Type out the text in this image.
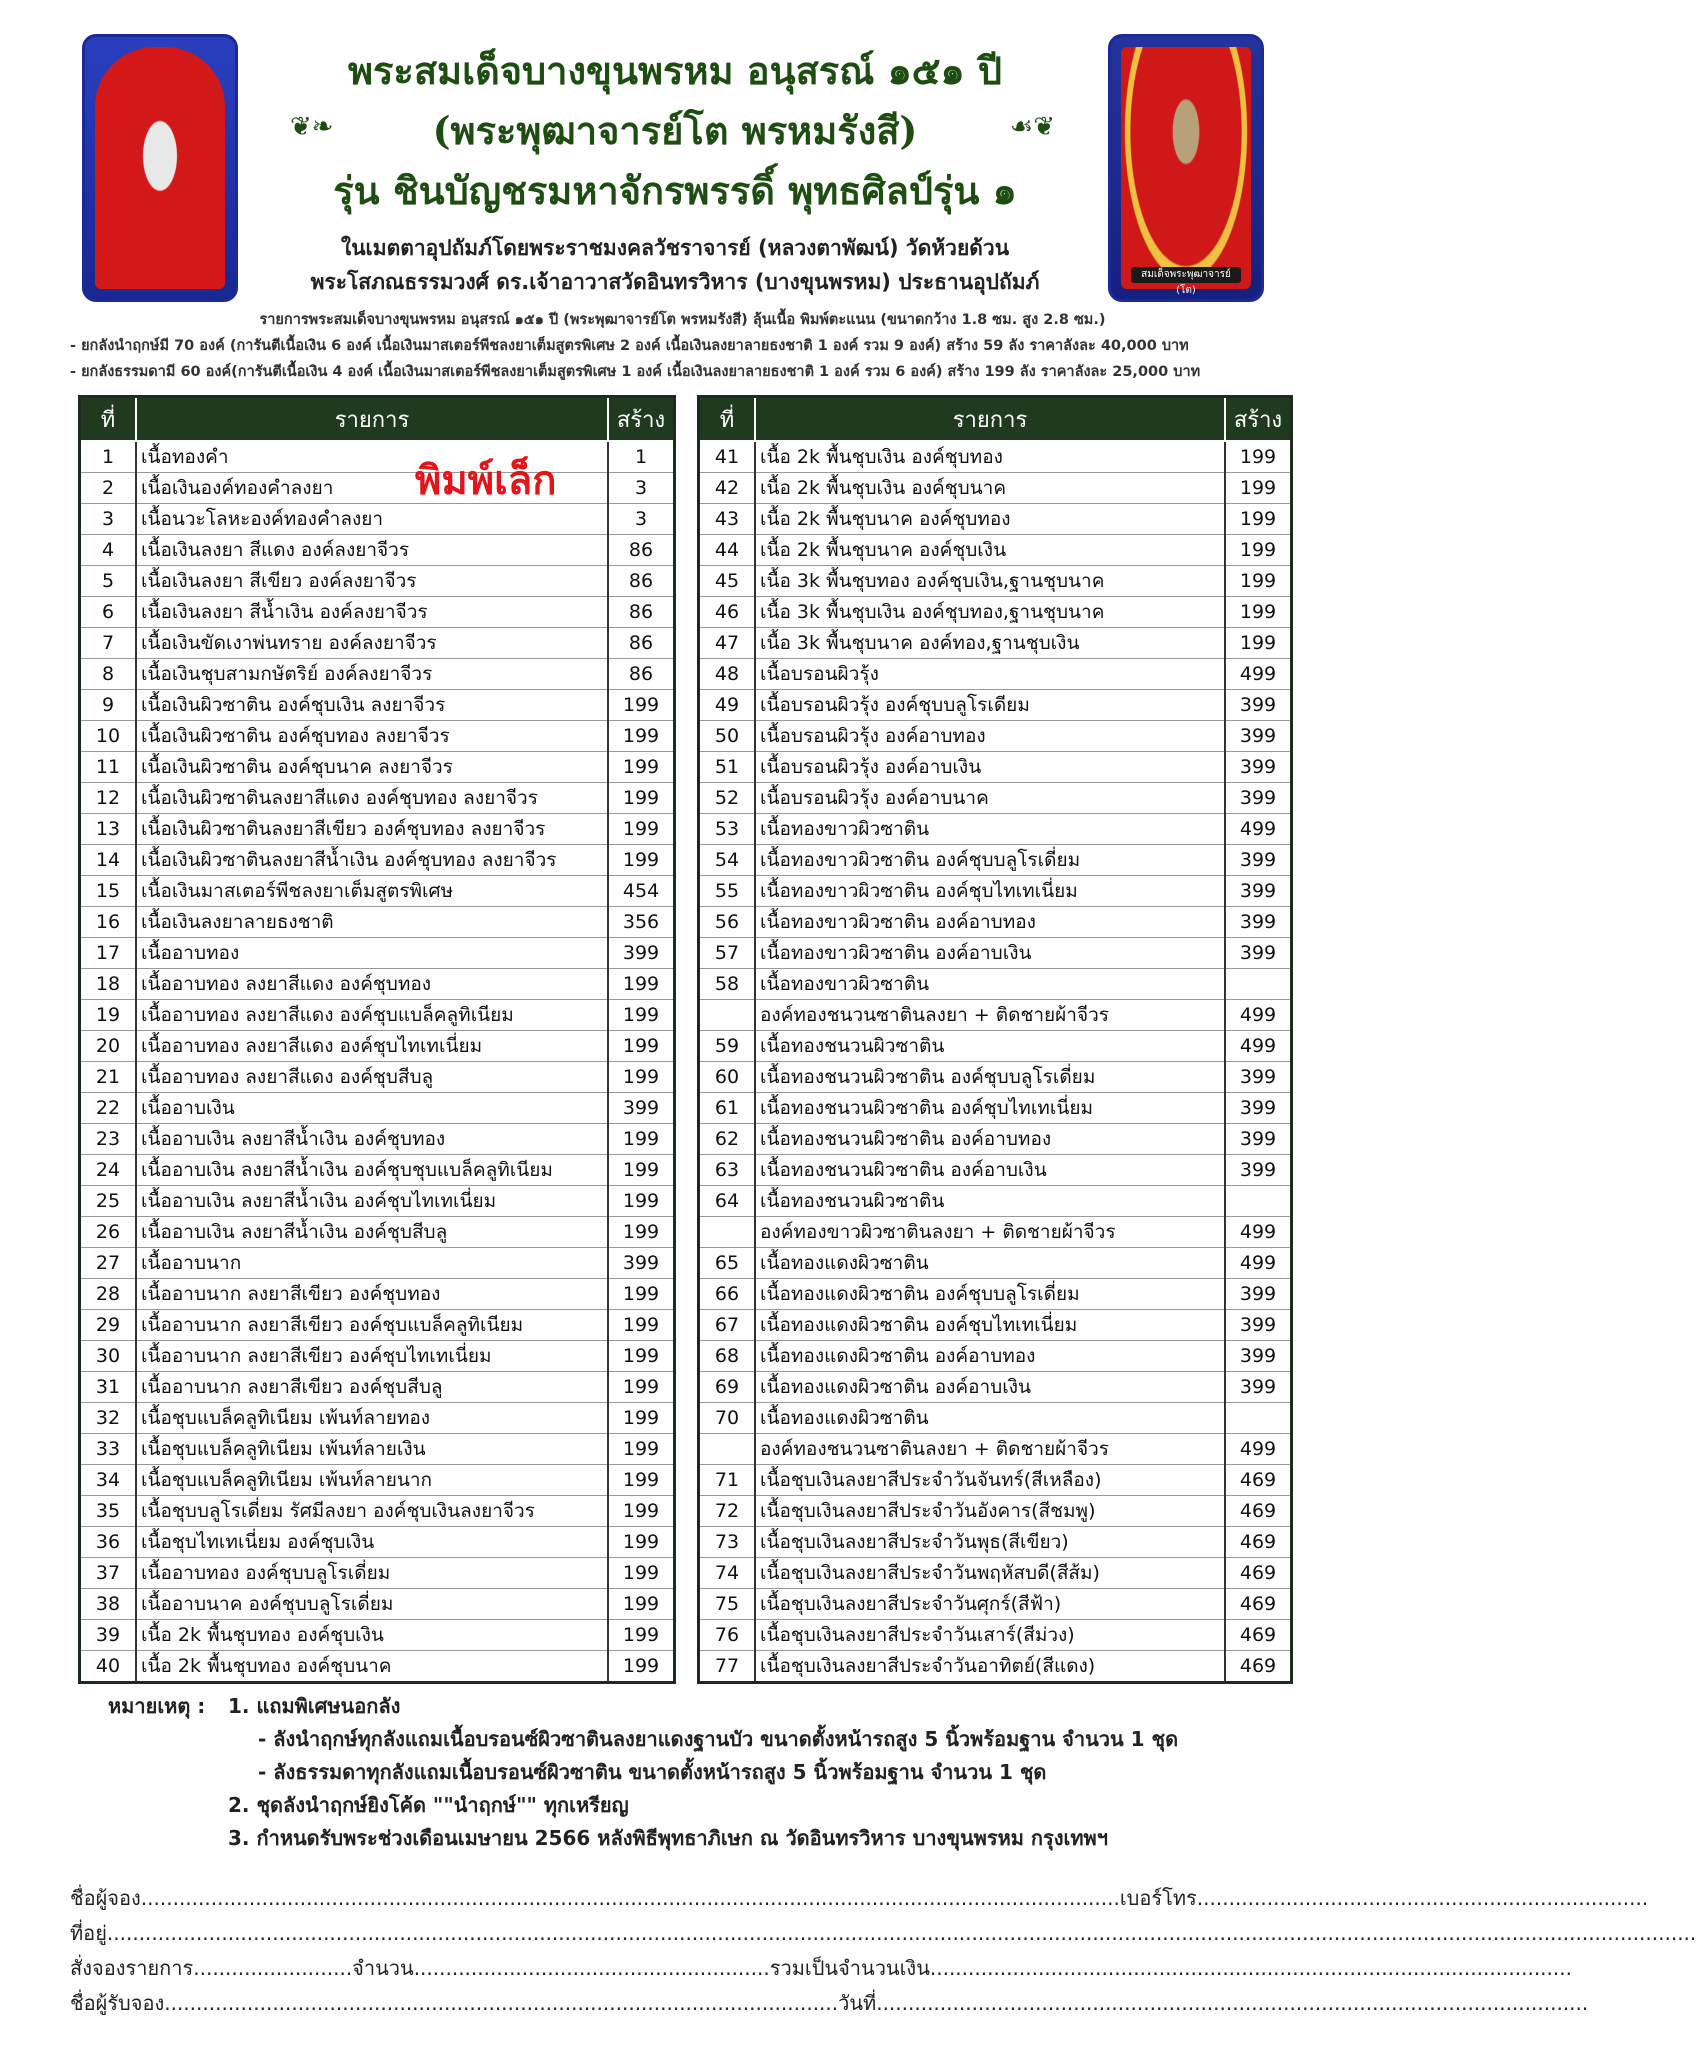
สมเด็จพระพุฒาจารย์ (โต)
พระสมเด็จบางขุนพรหม อนุสรณ์ ๑๕๑ ปี
❦❧	(พระพุฒาจารย์โต พรหมรังสี)	☙❦
รุ่น ชินบัญชรมหาจักรพรรดิ์ พุทธศิลป์รุ่น ๑
ในเมตตาอุปถัมภ์โดยพระราชมงคลวัชราจารย์ (หลวงตาพัฒน์) วัดห้วยด้วน
พระโสภณธรรมวงศ์ ดร.เจ้าอาวาสวัดอินทรวิหาร (บางขุนพรหม) ประธานอุปถัมภ์
รายการพระสมเด็จบางขุนพรหม อนุสรณ์ ๑๕๑ ปี (พระพุฒาจารย์โต พรหมรังสี) ลุ้นเนื้อ พิมพ์ตะแนน (ขนาดกว้าง 1.8 ซม. สูง 2.8 ซม.)
- ยกลังนำฤกษ์มี 70 องค์ (การันตีเนื้อเงิน 6 องค์ เนื้อเงินมาสเตอร์พีชลงยาเต็มสูตรพิเศษ 2 องค์ เนื้อเงินลงยาลายธงชาติ 1 องค์ รวม 9 องค์) สร้าง 59 ลัง ราคาลังละ 40,000 บาท
- ยกลังธรรมดามี 60 องค์(การันตีเนื้อเงิน 4 องค์ เนื้อเงินมาสเตอร์พีชลงยาเต็มสูตรพิเศษ 1 องค์ เนื้อเงินลงยาลายธงชาติ 1 องค์ รวม 6 องค์) สร้าง 199 ลัง ราคาลังละ 25,000 บาท
ที่	รายการ	สร้าง
1	เนื้อทองคำ	1
2	เนื้อเงินองค์ทองคำลงยา	3
3	เนื้อนวะโลหะองค์ทองคำลงยา	3
4	เนื้อเงินลงยา สีแดง องค์ลงยาจีวร	86
5	เนื้อเงินลงยา สีเขียว องค์ลงยาจีวร	86
6	เนื้อเงินลงยา สีน้ำเงิน องค์ลงยาจีวร	86
7	เนื้อเงินขัดเงาพ่นทราย องค์ลงยาจีวร	86
8	เนื้อเงินชุบสามกษัตริย์ องค์ลงยาจีวร	86
9	เนื้อเงินผิวซาติน องค์ชุบเงิน ลงยาจีวร	199
10	เนื้อเงินผิวซาติน องค์ชุบทอง ลงยาจีวร	199
11	เนื้อเงินผิวซาติน องค์ชุบนาค ลงยาจีวร	199
12	เนื้อเงินผิวซาตินลงยาสีแดง องค์ชุบทอง ลงยาจีวร	199
13	เนื้อเงินผิวซาตินลงยาสีเขียว องค์ชุบทอง ลงยาจีวร	199
14	เนื้อเงินผิวซาตินลงยาสีน้ำเงิน องค์ชุบทอง ลงยาจีวร	199
15	เนื้อเงินมาสเตอร์พีชลงยาเต็มสูตรพิเศษ	454
16	เนื้อเงินลงยาลายธงชาติ	356
17	เนื้ออาบทอง	399
18	เนื้ออาบทอง ลงยาสีแดง องค์ชุบทอง	199
19	เนื้ออาบทอง ลงยาสีแดง องค์ชุบแบล็คลูทิเนียม	199
20	เนื้ออาบทอง ลงยาสีแดง องค์ชุบไทเทเนี่ยม	199
21	เนื้ออาบทอง ลงยาสีแดง องค์ชุบสีบลู	199
22	เนื้ออาบเงิน	399
23	เนื้ออาบเงิน ลงยาสีน้ำเงิน องค์ชุบทอง	199
24	เนื้ออาบเงิน ลงยาสีน้ำเงิน องค์ชุบชุบแบล็คลูทิเนียม	199
25	เนื้ออาบเงิน ลงยาสีน้ำเงิน องค์ชุบไทเทเนี่ยม	199
26	เนื้ออาบเงิน ลงยาสีน้ำเงิน องค์ชุบสีบลู	199
27	เนื้ออาบนาก	399
28	เนื้ออาบนาก ลงยาสีเขียว องค์ชุบทอง	199
29	เนื้ออาบนาก ลงยาสีเขียว องค์ชุบแบล็คลูทิเนียม	199
30	เนื้ออาบนาก ลงยาสีเขียว องค์ชุบไทเทเนี่ยม	199
31	เนื้ออาบนาก ลงยาสีเขียว องค์ชุบสีบลู	199
32	เนื้อชุบแบล็คลูทิเนียม เพ้นท์ลายทอง	199
33	เนื้อชุบแบล็คลูทิเนียม เพ้นท์ลายเงิน	199
34	เนื้อชุบแบล็คลูทิเนียม เพ้นท์ลายนาก	199
35	เนื้อชุบบลูโรเดี่ยม รัศมีลงยา องค์ชุบเงินลงยาจีวร	199
36	เนื้อชุบไทเทเนี่ยม องค์ชุบเงิน	199
37	เนื้ออาบทอง องค์ชุบบลูโรเดี่ยม	199
38	เนื้ออาบนาค องค์ชุบบลูโรเดี่ยม	199
39	เนื้อ 2k พื้นชุบทอง องค์ชุบเงิน	199
40	เนื้อ 2k พื้นชุบทอง องค์ชุบนาค	199
ที่	รายการ	สร้าง
41	เนื้อ 2k พื้นชุบเงิน องค์ชุบทอง	199
42	เนื้อ 2k พื้นชุบเงิน องค์ชุบนาค	199
43	เนื้อ 2k พื้นชุบนาค องค์ชุบทอง	199
44	เนื้อ 2k พื้นชุบนาค องค์ชุบเงิน	199
45	เนื้อ 3k พื้นชุบทอง องค์ชุบเงิน,ฐานชุบนาค	199
46	เนื้อ 3k พื้นชุบเงิน องค์ชุบทอง,ฐานชุบนาค	199
47	เนื้อ 3k พื้นชุบนาค องค์ทอง,ฐานชุบเงิน	199
48	เนื้อบรอนผิวรุ้ง	499
49	เนื้อบรอนผิวรุ้ง องค์ชุบบลูโรเดียม	399
50	เนื้อบรอนผิวรุ้ง องค์อาบทอง	399
51	เนื้อบรอนผิวรุ้ง องค์อาบเงิน	399
52	เนื้อบรอนผิวรุ้ง องค์อาบนาค	399
53	เนื้อทองขาวผิวซาติน	499
54	เนื้อทองขาวผิวซาติน องค์ชุบบลูโรเดี่ยม	399
55	เนื้อทองขาวผิวซาติน องค์ชุบไทเทเนี่ยม	399
56	เนื้อทองขาวผิวซาติน องค์อาบทอง	399
57	เนื้อทองขาวผิวซาติน องค์อาบเงิน	399
58	เนื้อทองขาวผิวซาติน	
	องค์ทองชนวนซาตินลงยา + ติดชายผ้าจีวร	499
59	เนื้อทองชนวนผิวซาติน	499
60	เนื้อทองชนวนผิวซาติน องค์ชุบบลูโรเดี่ยม	399
61	เนื้อทองชนวนผิวซาติน องค์ชุบไทเทเนี่ยม	399
62	เนื้อทองชนวนผิวซาติน องค์อาบทอง	399
63	เนื้อทองชนวนผิวซาติน องค์อาบเงิน	399
64	เนื้อทองชนวนผิวซาติน	
	องค์ทองขาวผิวซาตินลงยา + ติดชายผ้าจีวร	499
65	เนื้อทองแดงผิวซาติน	499
66	เนื้อทองแดงผิวซาติน องค์ชุบบลูโรเดี่ยม	399
67	เนื้อทองแดงผิวซาติน องค์ชุบไทเทเนี่ยม	399
68	เนื้อทองแดงผิวซาติน องค์อาบทอง	399
69	เนื้อทองแดงผิวซาติน องค์อาบเงิน	399
70	เนื้อทองแดงผิวซาติน	
	องค์ทองชนวนซาตินลงยา + ติดชายผ้าจีวร	499
71	เนื้อชุบเงินลงยาสีประจำวันจันทร์(สีเหลือง)	469
72	เนื้อชุบเงินลงยาสีประจำวันอังคาร(สีชมพู)	469
73	เนื้อชุบเงินลงยาสีประจำวันพุธ(สีเขียว)	469
74	เนื้อชุบเงินลงยาสีประจำวันพฤหัสบดี(สีส้ม)	469
75	เนื้อชุบเงินลงยาสีประจำวันศุกร์(สีฟ้า)	469
76	เนื้อชุบเงินลงยาสีประจำวันเสาร์(สีม่วง)	469
77	เนื้อชุบเงินลงยาสีประจำวันอาทิตย์(สีแดง)	469
พิมพ์เล็ก
หมายเหตุ : 1. แถมพิเศษนอกลัง
- ลังนำฤกษ์ทุกลังแถมเนื้อบรอนซ์ผิวซาตินลงยาแดงฐานบัว ขนาดตั้งหน้ารถสูง 5 นิ้วพร้อมฐาน จำนวน 1 ชุด
- ลังธรรมดาทุกลังแถมเนื้อบรอนซ์ผิวซาติน ขนาดตั้งหน้ารถสูง 5 นิ้วพร้อมฐาน จำนวน 1 ชุด
2. ชุดลังนำฤกษ์ยิงโค้ด ""นำฤกษ์"" ทุกเหรียญ
3. กำหนดรับพระช่วงเดือนเมษายน 2566 หลังพิธีพุทธาภิเษก ณ วัดอินทรวิหาร บางขุนพรหม กรุงเทพฯ
ชื่อผู้จอง..........................................................................................................................................................เบอร์โทร.......................................................................
ที่อยู่..........................................................................................................................................................................................................................................................
สั่งจองรายการ.........................จำนวน........................................................รวมเป็นจำนวนเงิน.....................................................................................................
ชื่อผู้รับจอง..........................................................................................................วันที่................................................................................................................
